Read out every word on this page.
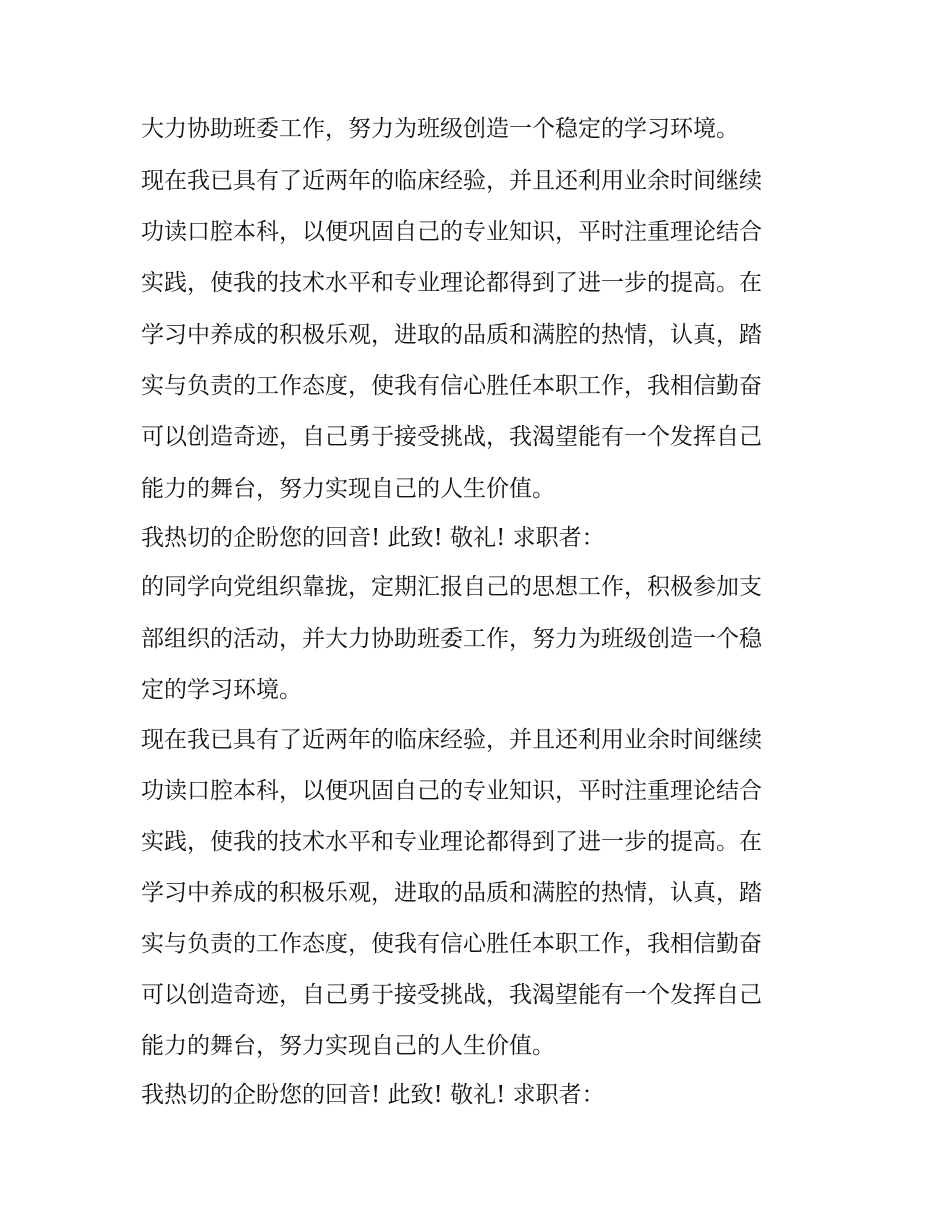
大力协助班委工作，努力为班级创造一个稳定的学习环境。

现在我已具有了近两年的临床经验，并且还利用业余时间继续

功读口腔本科，以便巩固自己的专业知识，平时注重理论结合

实践，使我的技术水平和专业理论都得到了进一步的提高。在

学习中养成的积极乐观，进取的品质和满腔的热情，认真，踏

实与负责的工作态度，使我有信心胜任本职工作，我相信勤奋

可以创造奇迹，自己勇于接受挑战，我渴望能有一个发挥自己

能力的舞台，努力实现自己的人生价值。

我热切的企盼您的回音! 此致! 敬礼! 求职者：

的同学向党组织靠拢，定期汇报自己的思想工作，积极参加支

部组织的活动，并大力协助班委工作，努力为班级创造一个稳

定的学习环境。

现在我已具有了近两年的临床经验，并且还利用业余时间继续

功读口腔本科，以便巩固自己的专业知识，平时注重理论结合

实践，使我的技术水平和专业理论都得到了进一步的提高。在

学习中养成的积极乐观，进取的品质和满腔的热情，认真，踏

实与负责的工作态度，使我有信心胜任本职工作，我相信勤奋

可以创造奇迹，自己勇于接受挑战，我渴望能有一个发挥自己

能力的舞台，努力实现自己的人生价值。

我热切的企盼您的回音! 此致! 敬礼! 求职者：
